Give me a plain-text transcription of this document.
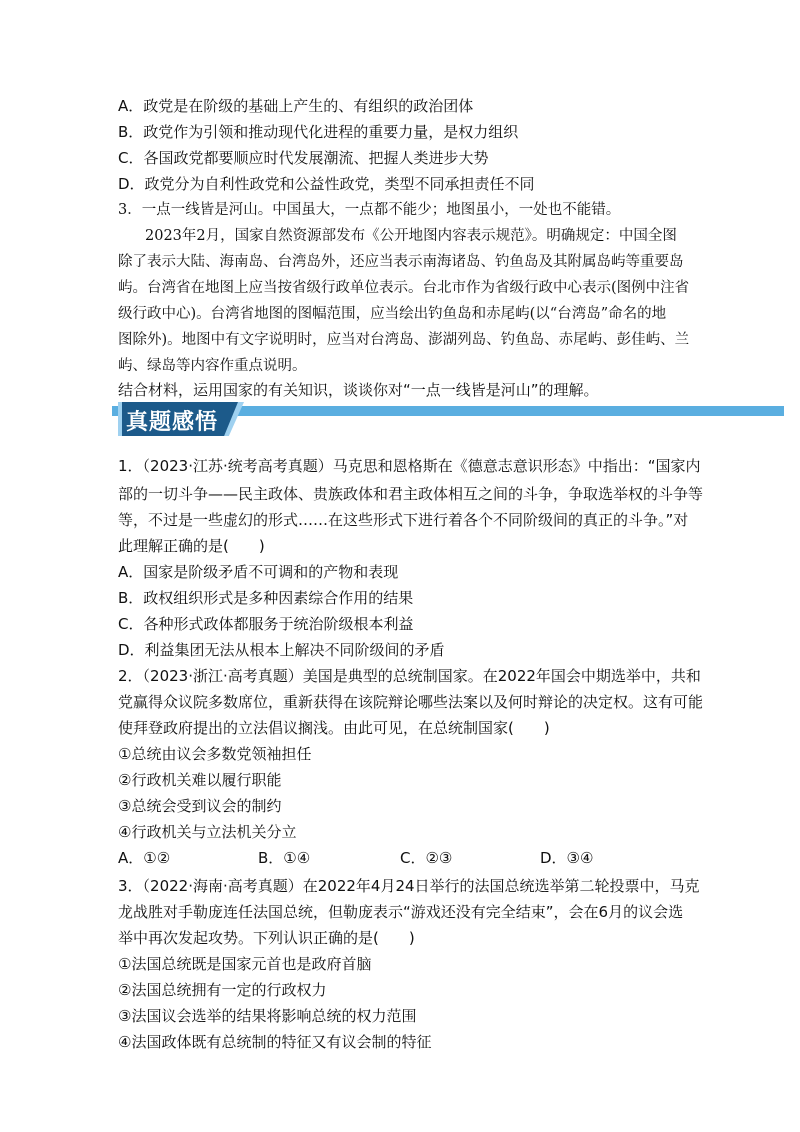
A．政党是在阶级的基础上产生的、有组织的政治团体
B．政党作为引领和推动现代化进程的重要力量，是权力组织
C．各国政党都要顺应时代发展潮流、把握人类进步大势
D．政党分为自利性政党和公益性政党，类型不同承担责任不同
3．一点一线皆是河山。中国虽大，一点都不能少；地图虽小，一处也不能错。
2023年2月，国家自然资源部发布《公开地图内容表示规范》。明确规定：中国全图
除了表示大陆、海南岛、台湾岛外，还应当表示南海诸岛、钓鱼岛及其附属岛屿等重要岛
屿。台湾省在地图上应当按省级行政单位表示。台北市作为省级行政中心表示(图例中注省
级行政中心)。台湾省地图的图幅范围，应当绘出钓鱼岛和赤尾屿(以“台湾岛”命名的地
图除外)。地图中有文字说明时，应当对台湾岛、澎湖列岛、钓鱼岛、赤尾屿、彭佳屿、兰
屿、绿岛等内容作重点说明。
结合材料，运用国家的有关知识，谈谈你对“一点一线皆是河山”的理解。
真题感悟
1．（2023·江苏·统考高考真题）马克思和恩格斯在《德意志意识形态》中指出：“国家内
部的一切斗争——民主政体、贵族政体和君主政体相互之间的斗争，争取选举权的斗争等
等，不过是一些虚幻的形式……在这些形式下进行着各个不同阶级间的真正的斗争。”对
此理解正确的是(　　)
A．国家是阶级矛盾不可调和的产物和表现
B．政权组织形式是多种因素综合作用的结果
C．各种形式政体都服务于统治阶级根本利益
D．利益集团无法从根本上解决不同阶级间的矛盾
2．（2023·浙江·高考真题）美国是典型的总统制国家。在2022年国会中期选举中，共和
党赢得众议院多数席位，重新获得在该院辩论哪些法案以及何时辩论的决定权。这有可能
使拜登政府提出的立法倡议搁浅。由此可见，在总统制国家(　　)
①总统由议会多数党领袖担任
②行政机关难以履行职能
③总统会受到议会的制约
④行政机关与立法机关分立
A．①②	B．①④	C．②③	D．③④
3．（2022·海南·高考真题）在2022年4月24日举行的法国总统选举第二轮投票中，马克
龙战胜对手勒庞连任法国总统，但勒庞表示“游戏还没有完全结束”，会在6月的议会选
举中再次发起攻势。下列认识正确的是(　　)
①法国总统既是国家元首也是政府首脑
②法国总统拥有一定的行政权力
③法国议会选举的结果将影响总统的权力范围
④法国政体既有总统制的特征又有议会制的特征
